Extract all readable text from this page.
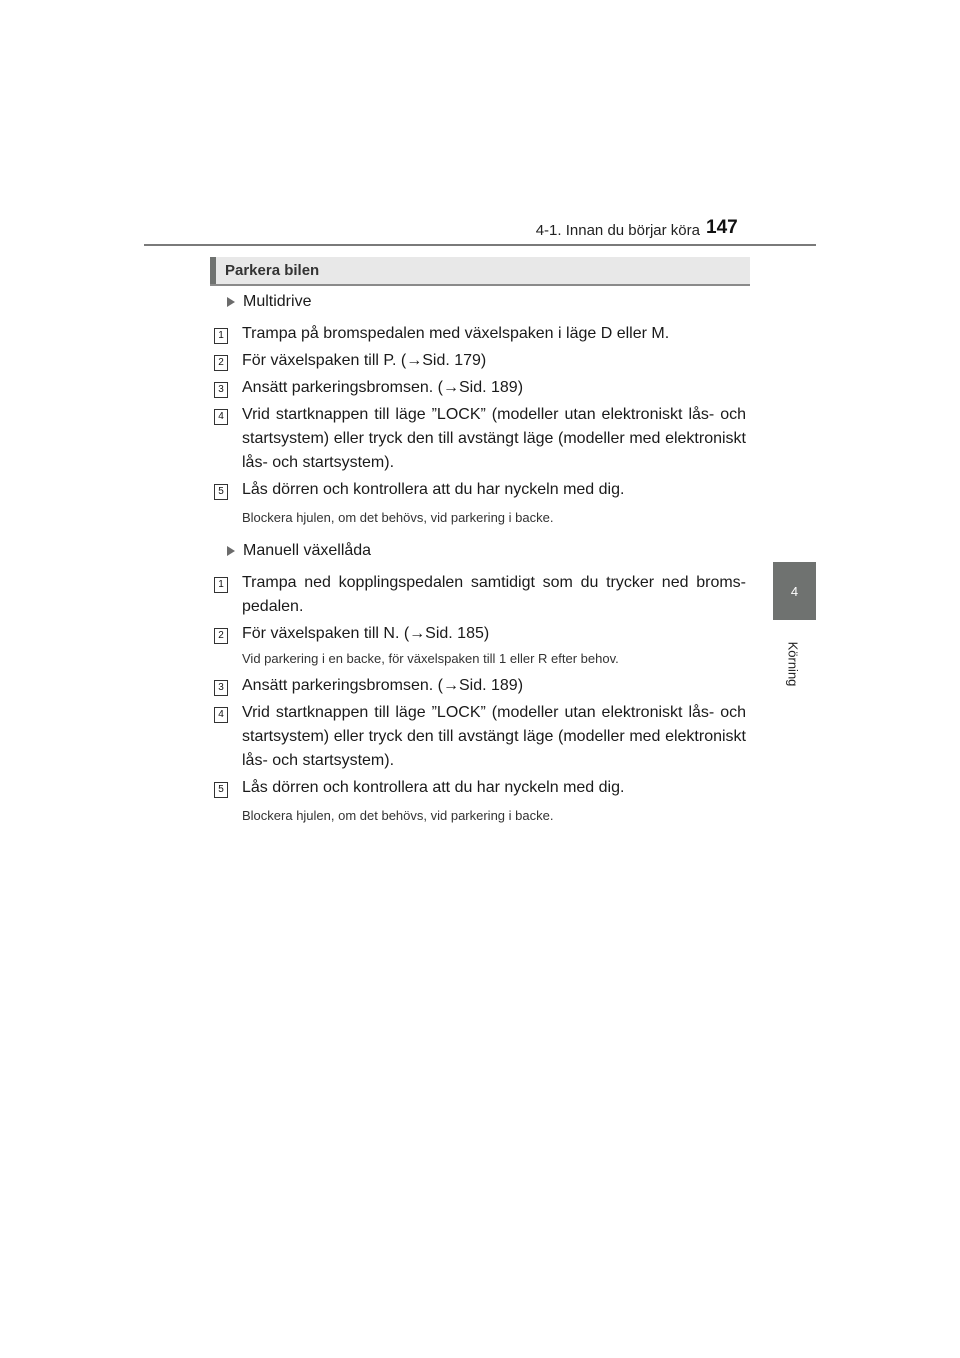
4-1. Innan du börjar köra 147
4
Körning
Parkera bilen
Multidrive
1 Trampa på bromspedalen med växelspaken i läge D eller M.
2 För växelspaken till P. (→Sid. 179)
3 Ansätt parkeringsbromsen. (→Sid. 189)
4 Vrid startknappen till läge ”LOCK” (modeller utan elektroniskt lås- och startsystem) eller tryck den till avstängt läge (modeller med elektroniskt lås- och startsystem).
5 Lås dörren och kontrollera att du har nyckeln med dig.
Blockera hjulen, om det behövs, vid parkering i backe.
Manuell växellåda
1 Trampa ned kopplingspedalen samtidigt som du trycker ned bromspedalen.
2 För växelspaken till N. (→Sid. 185)
Vid parkering i en backe, för växelspaken till 1 eller R efter behov.
3 Ansätt parkeringsbromsen. (→Sid. 189)
4 Vrid startknappen till läge ”LOCK” (modeller utan elektroniskt lås- och startsystem) eller tryck den till avstängt läge (modeller med elektroniskt lås- och startsystem).
5 Lås dörren och kontrollera att du har nyckeln med dig.
Blockera hjulen, om det behövs, vid parkering i backe.
